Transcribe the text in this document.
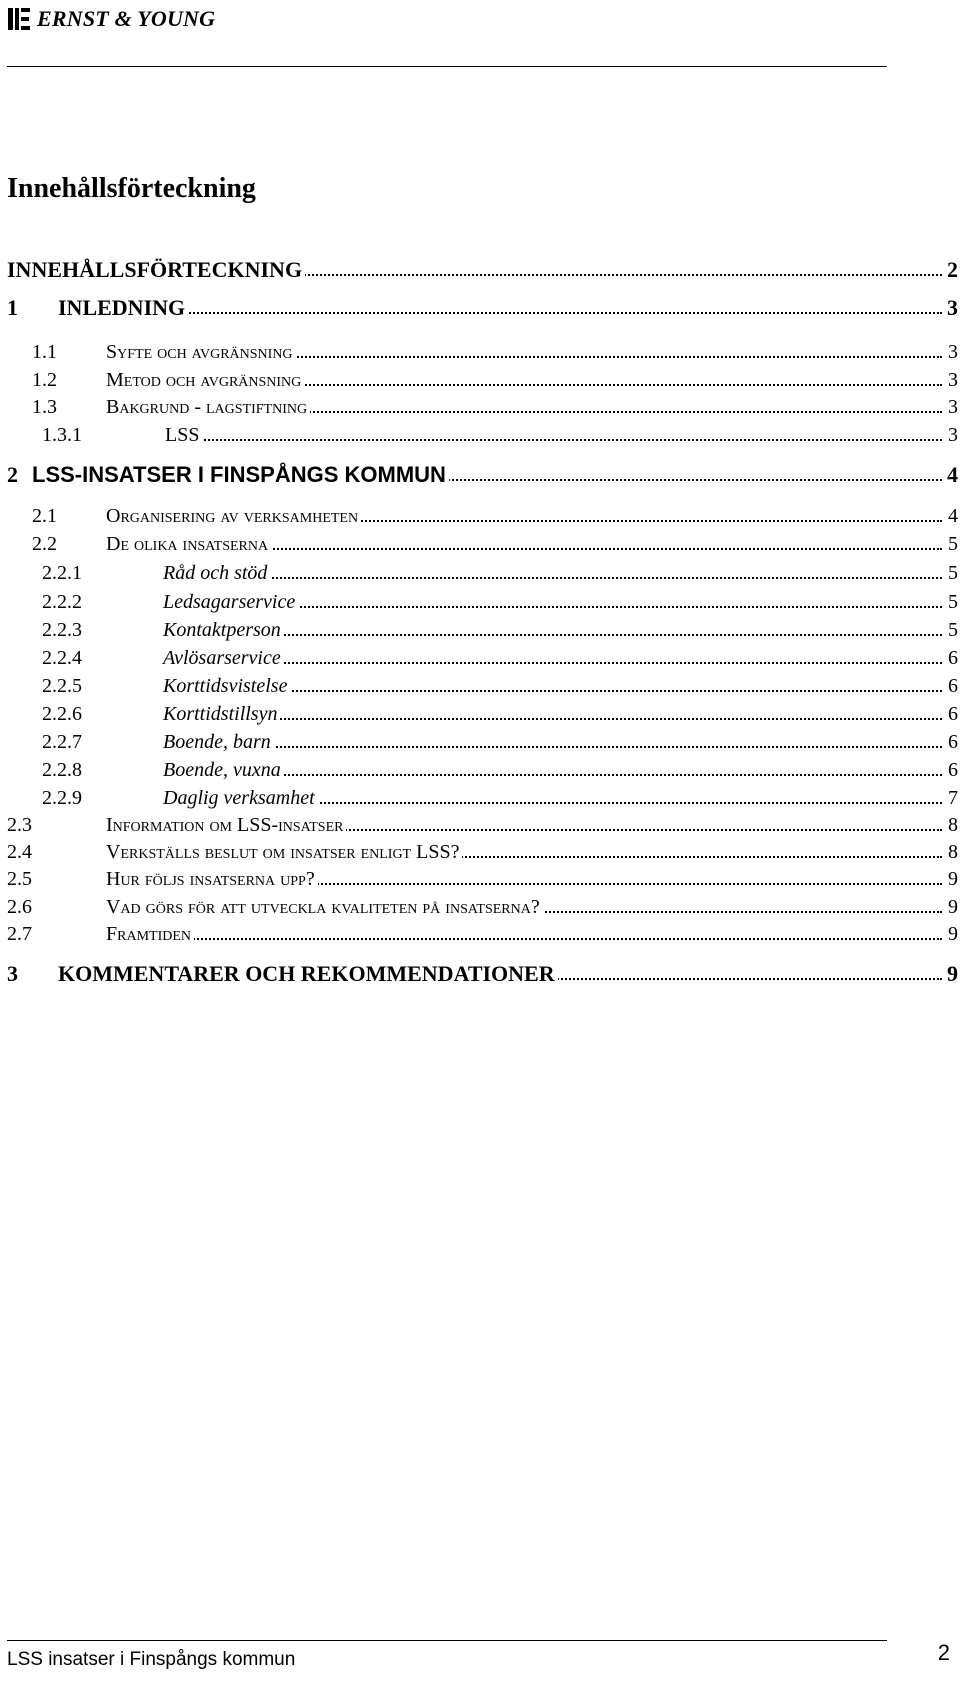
ERNST & YOUNG
Innehållsförteckning
INNEHÅLLSFÖRTECKNING	2
1 INLEDNING	3
1.1 Syfte och avgränsning	3
1.2 Metod och avgränsning	3
1.3 Bakgrund - lagstiftning	3
1.3.1	LSS	3
2 LSS-INSATSER I FINSPÅNGS KOMMUN	4
2.1 Organisering av verksamheten	4
2.2 De olika insatserna	5
2.2.1	Råd och stöd	5
2.2.2	Ledsagarservice	5
2.2.3	Kontaktperson	5
2.2.4	Avlösarservice	6
2.2.5	Korttidsvistelse	6
2.2.6	Korttidstillsyn	6
2.2.7	Boende, barn	6
2.2.8	Boende, vuxna	6
2.2.9	Daglig verksamhet	7
2.3	Information om LSS-insatser	8
2.4	Verkställs beslut om insatser enligt LSS?	8
2.5	Hur följs insatserna upp?	9
2.6	Vad görs för att utveckla kvaliteten på insatserna?	9
2.7	Framtiden	9
3 KOMMENTARER OCH REKOMMENDATIONER	9
LSS insatser i Finspångs kommun	2
